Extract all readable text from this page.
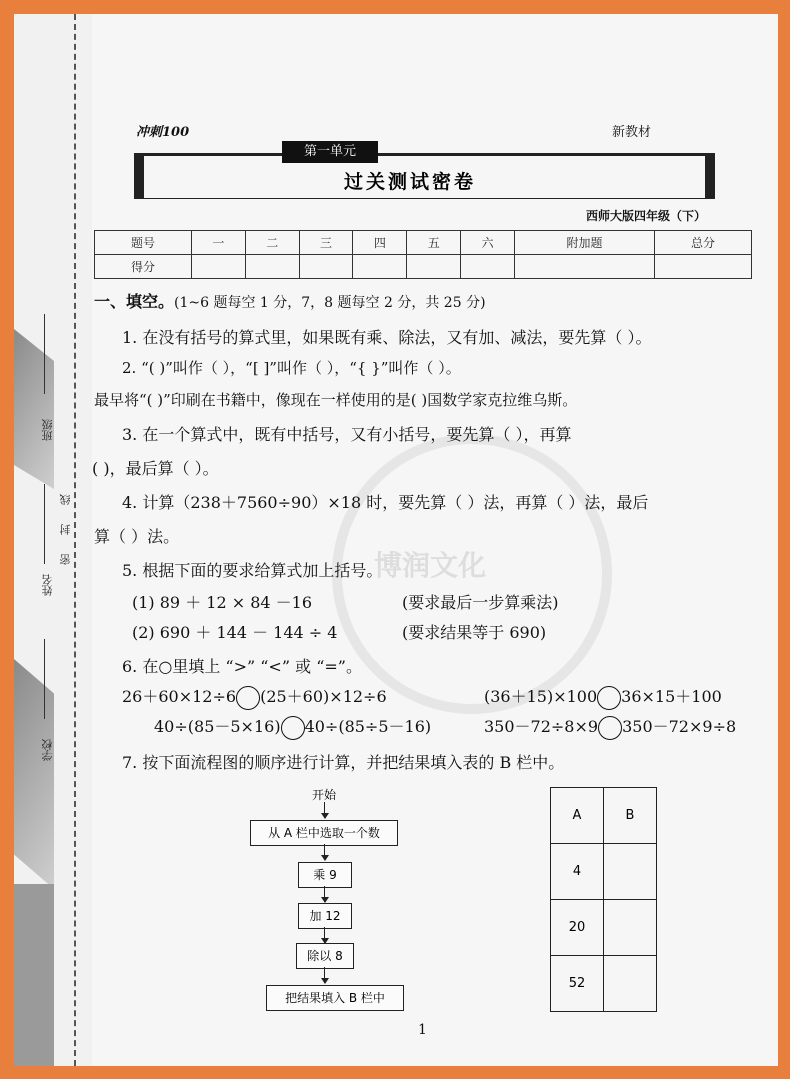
班级
姓名
学校
密
封
线
博润文化
第一单元
过关测试密卷
冲刺100	新教材
西师大版四年级（下）
题号	一	二	三	四	五	六	附加题	总分
得分								
一、填空。(1~6 题每空 1 分，7，8 题每空 2 分，共 25 分)
1. 在没有括号的算式里，如果既有乘、除法，又有加、减法，要先算（ ）。
2. “( )”叫作（ ），“[ ]”叫作（ ），“{ }”叫作（ ）。
最早将“( )”印刷在书籍中，像现在一样使用的是( )国数学家克拉维乌斯。
3. 在一个算式中，既有中括号，又有小括号，要先算（ ），再算
( )，最后算（ ）。
4. 计算（238＋7560÷90）×18 时，要先算（ ）法，再算（ ）法，最后
算（ ）法。
5. 根据下面的要求给算式加上括号。
(1) 89 ＋ 12 × 84 －16	(要求最后一步算乘法)
(2) 690 ＋ 144 － 144 ÷ 4	(要求结果等于 690)
6. 在○里填上 “>” “<” 或 “=”。
26＋60×12÷6 (25＋60)×12÷6	(36＋15)×100 36×15＋100
40÷(85－5×16) 40÷(85÷5－16)	350－72÷8×9 350－72×9÷8
7. 按下面流程图的顺序进行计算，并把结果填入表的 B 栏中。
开始
从 A 栏中选取一个数
乘 9
加 12
除以 8
把结果填入 B 栏中
A	B
4	
20	
52	
1
